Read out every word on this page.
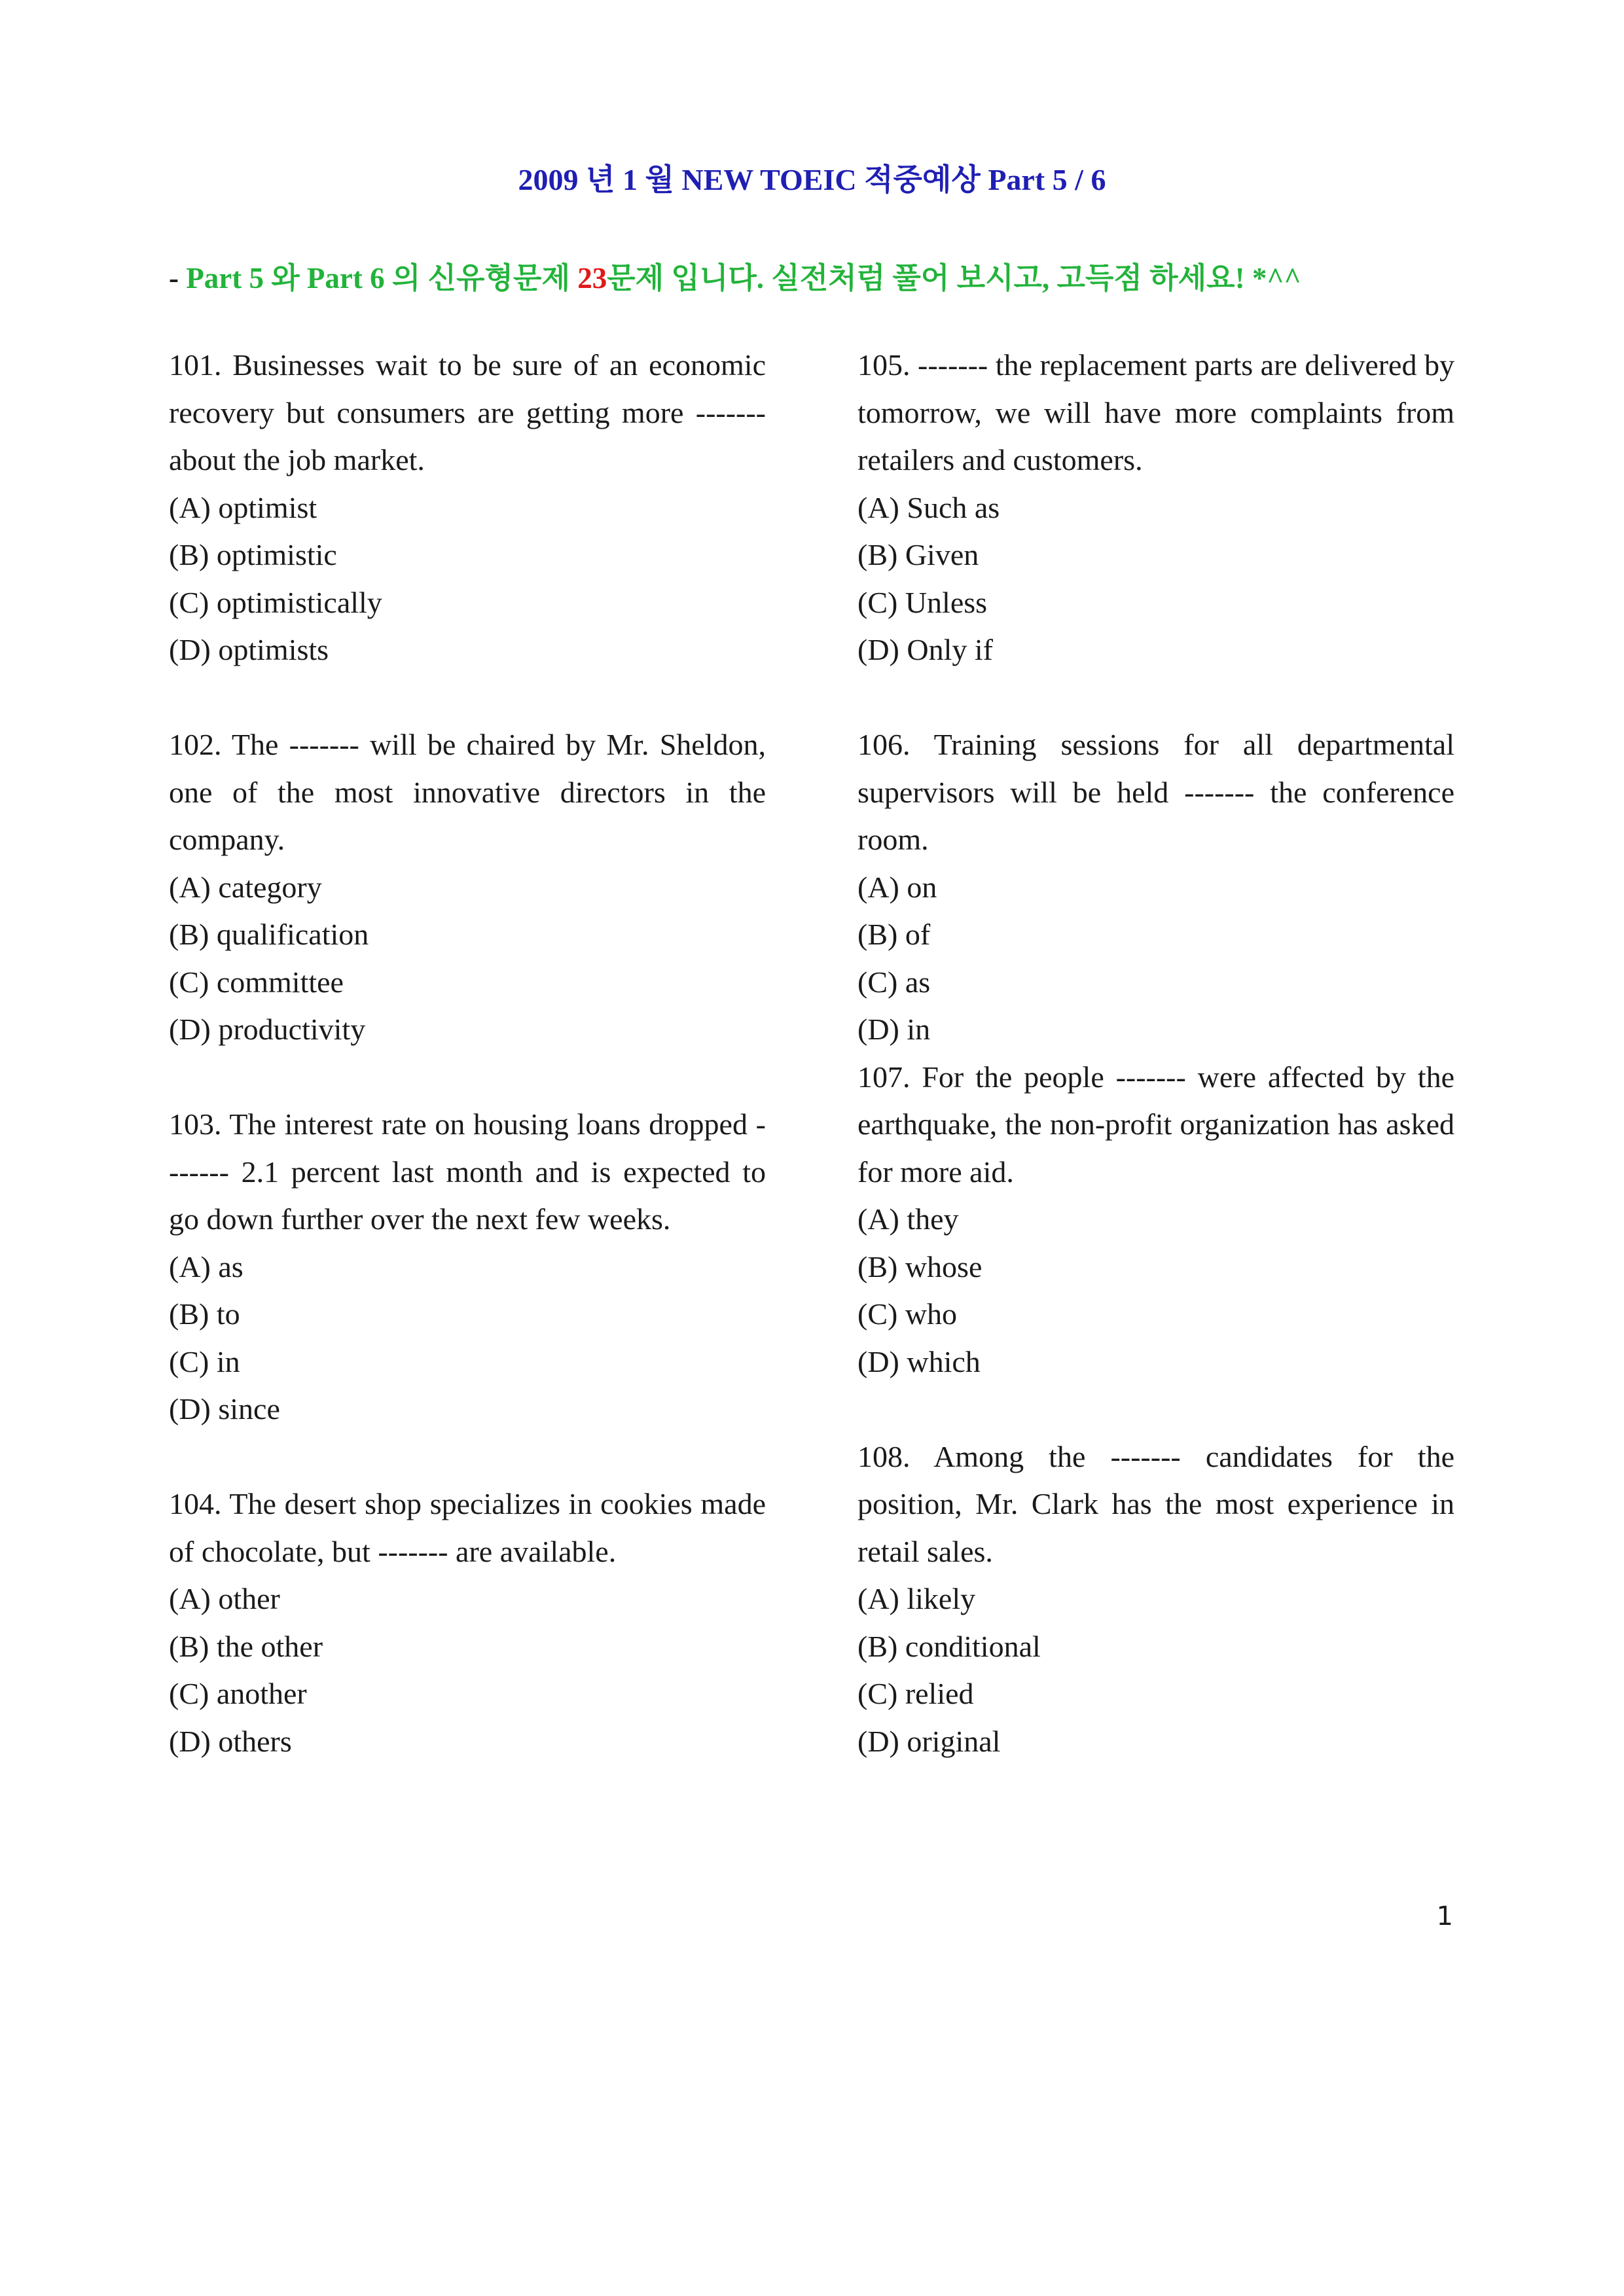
2009 년 1 월 NEW TOEIC 적중예상 Part 5 / 6

- Part 5 와 Part 6 의 신유형문제 23문제 입니다. 실전처럼 풀어 보시고, 고득점 하세요! *^^

101. Businesses wait to be sure of an economic recovery but consumers are getting more ------- about the job market.

(A) optimist

(B) optimistic

(C) optimistically

(D) optimists

102. The ------- will be chaired by Mr. Sheldon, one of the most innovative directors in the company.

(A) category

(B) qualification

(C) committee

(D) productivity

103. The interest rate on housing loans dropped ------- 2.1 percent last month and is expected to go down further over the next few weeks.

(A) as

(B) to

(C) in

(D) since

104. The desert shop specializes in cookies made of chocolate, but ------- are available.

(A) other

(B) the other

(C) another

(D) others

105. ------- the replacement parts are delivered by tomorrow, we will have more complaints from retailers and customers.

(A) Such as

(B) Given

(C) Unless

(D) Only if

106. Training sessions for all departmental supervisors will be held ------- the conference room.

(A) on

(B) of

(C) as

(D) in

107. For the people ------- were affected by the earthquake, the non-profit organization has asked for more aid.

(A) they

(B) whose

(C) who

(D) which

108. Among the ------- candidates for the position, Mr. Clark has the most experience in retail sales.

(A) likely

(B) conditional

(C) relied

(D) original

1
